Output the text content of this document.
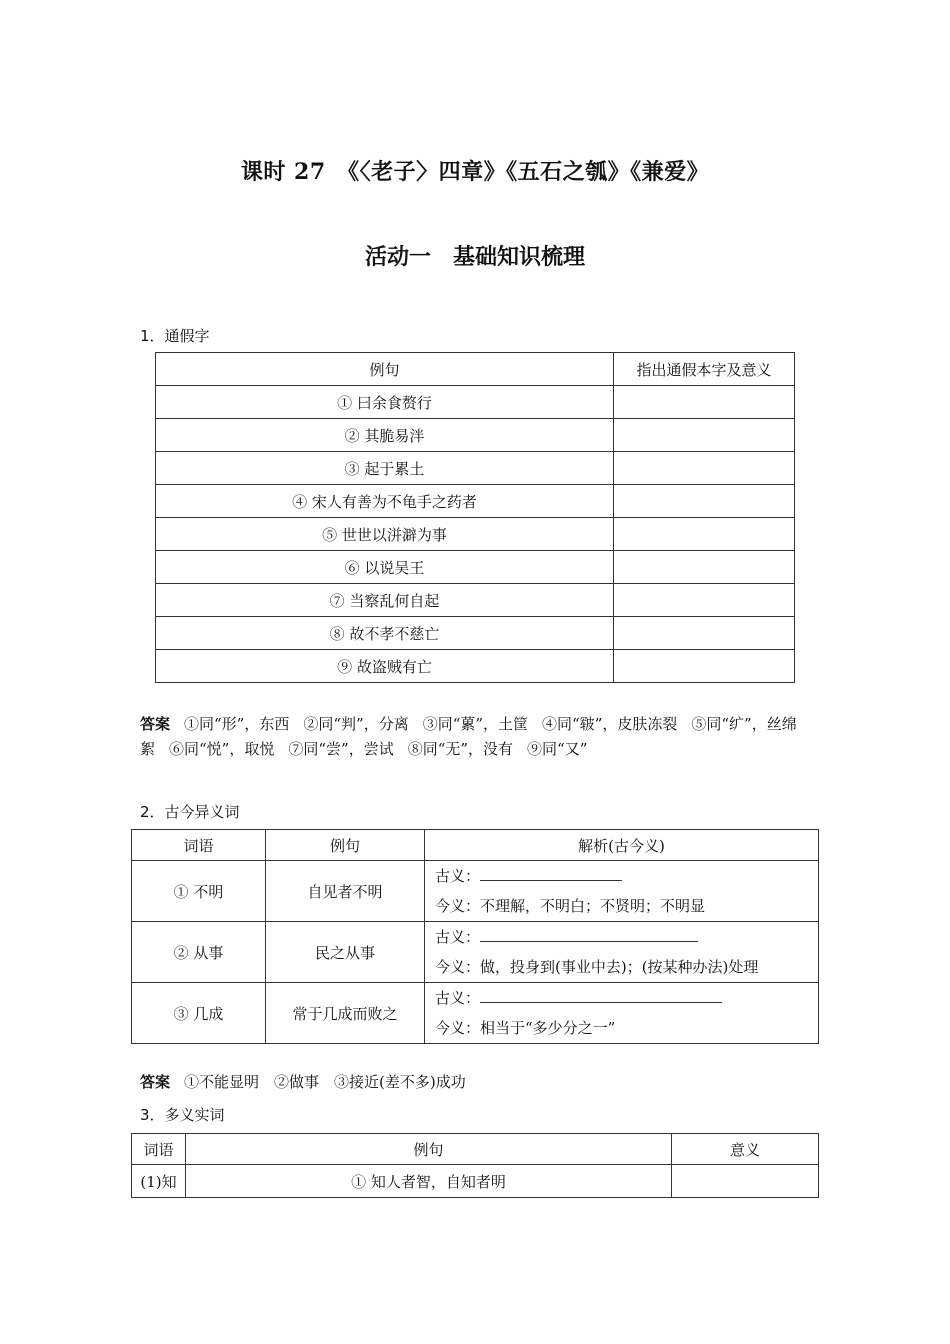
课时 27　《〈老子〉四章》《五石之瓠》《兼爱》
活动一　基础知识梳理
1．通假字
例句	指出通假本字及意义
① 曰余食赘行	
② 其脆易泮	
③ 起于累土	
④ 宋人有善为不龟手之药者	
⑤ 世世以洴澼为事	
⑥ 以说吴王	
⑦ 当察乱何自起	
⑧ 故不孝不慈亡	
⑨ 故盗贼有亡	
答案 ①同“形”，东西 ②同“判”，分离 ③同“蔂”，土筐 ④同“皲”，皮肤冻裂 ⑤同“纩”，丝绵絮 ⑥同“悦”，取悦 ⑦同“尝”，尝试 ⑧同“无”，没有 ⑨同“又”
2．古今异义词
词语	例句	解析(古今义)
① 不明	自见者不明	古义：
今义：不理解，不明白；不贤明；不明显

② 从事	民之从事	古义：
今义：做，投身到(事业中去)；(按某种办法)处理

③ 几成	常于几成而败之	古义：
今义：相当于“多少分之一”
答案 ①不能显明　②做事　③接近(差不多)成功
3．多义实词
词语	例句	意义
(1)知	① 知人者智，自知者明	
